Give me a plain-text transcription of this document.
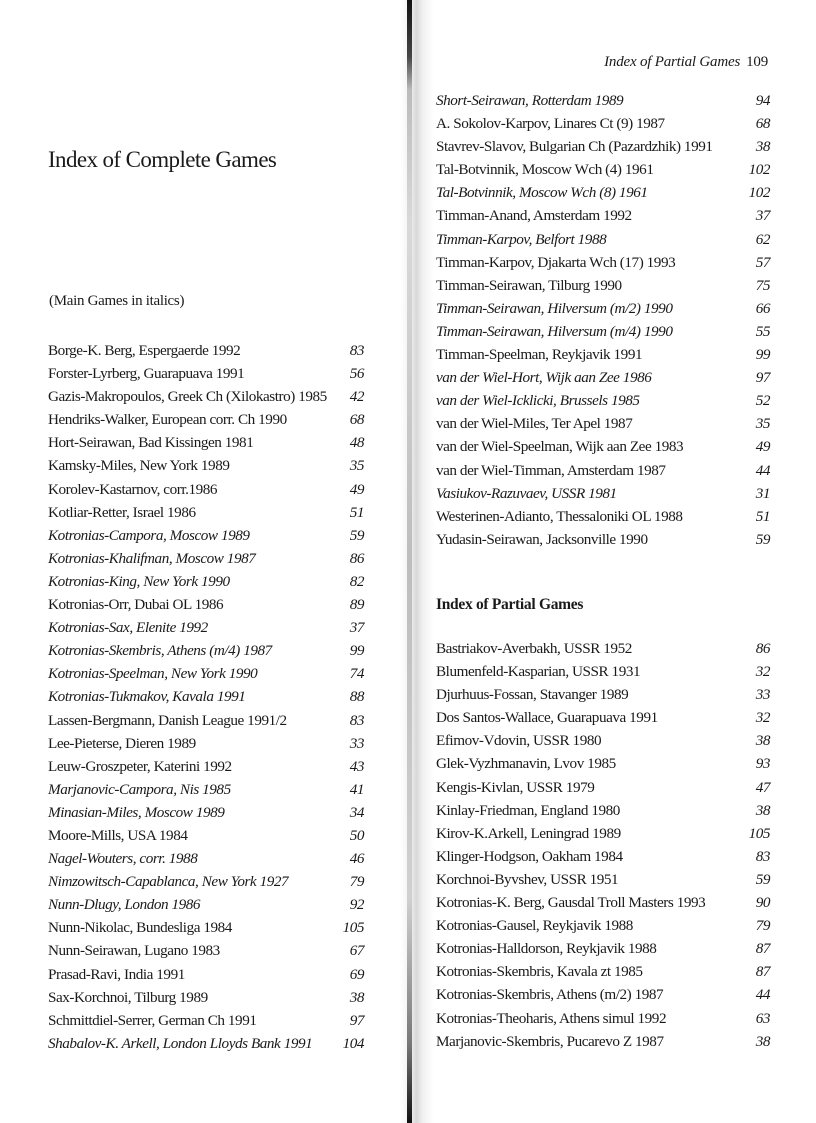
Index of Partial Games 109
Index of Complete Games
(Main Games in italics)
Borge-K. Berg, Espergaerde 1992	83
Forster-Lyrberg, Guarapuava 1991	56
Gazis-Makropoulos, Greek Ch (Xilokastro) 1985	42
Hendriks-Walker, European corr. Ch 1990	68
Hort-Seirawan, Bad Kissingen 1981	48
Kamsky-Miles, New York 1989	35
Korolev-Kastarnov, corr.1986	49
Kotliar-Retter, Israel 1986	51
Kotronias-Campora, Moscow 1989	59
Kotronias-Khalifman, Moscow 1987	86
Kotronias-King, New York 1990	82
Kotronias-Orr, Dubai OL 1986	89
Kotronias-Sax, Elenite 1992	37
Kotronias-Skembris, Athens (m/4) 1987	99
Kotronias-Speelman, New York 1990	74
Kotronias-Tukmakov, Kavala 1991	88
Lassen-Bergmann, Danish League 1991/2	83
Lee-Pieterse, Dieren 1989	33
Leuw-Groszpeter, Katerini 1992	43
Marjanovic-Campora, Nis 1985	41
Minasian-Miles, Moscow 1989	34
Moore-Mills, USA 1984	50
Nagel-Wouters, corr. 1988	46
Nimzowitsch-Capablanca, New York 1927	79
Nunn-Dlugy, London 1986	92
Nunn-Nikolac, Bundesliga 1984	105
Nunn-Seirawan, Lugano 1983	67
Prasad-Ravi, India 1991	69
Sax-Korchnoi, Tilburg 1989	38
Schmittdiel-Serrer, German Ch 1991	97
Shabalov-K. Arkell, London Lloyds Bank 1991	104
Short-Seirawan, Rotterdam 1989	94
A. Sokolov-Karpov, Linares Ct (9) 1987	68
Stavrev-Slavov, Bulgarian Ch (Pazardzhik) 1991	38
Tal-Botvinnik, Moscow Wch (4) 1961	102
Tal-Botvinnik, Moscow Wch (8) 1961	102
Timman-Anand, Amsterdam 1992	37
Timman-Karpov, Belfort 1988	62
Timman-Karpov, Djakarta Wch (17) 1993	57
Timman-Seirawan, Tilburg 1990	75
Timman-Seirawan, Hilversum (m/2) 1990	66
Timman-Seirawan, Hilversum (m/4) 1990	55
Timman-Speelman, Reykjavik 1991	99
van der Wiel-Hort, Wijk aan Zee 1986	97
van der Wiel-Icklicki, Brussels 1985	52
van der Wiel-Miles, Ter Apel 1987	35
van der Wiel-Speelman, Wijk aan Zee 1983	49
van der Wiel-Timman, Amsterdam 1987	44
Vasiukov-Razuvaev, USSR 1981	31
Westerinen-Adianto, Thessaloniki OL 1988	51
Yudasin-Seirawan, Jacksonville 1990	59
Index of Partial Games
Bastriakov-Averbakh, USSR 1952	86
Blumenfeld-Kasparian, USSR 1931	32
Djurhuus-Fossan, Stavanger 1989	33
Dos Santos-Wallace, Guarapuava 1991	32
Efimov-Vdovin, USSR 1980	38
Glek-Vyzhmanavin, Lvov 1985	93
Kengis-Kivlan, USSR 1979	47
Kinlay-Friedman, England 1980	38
Kirov-K.Arkell, Leningrad 1989	105
Klinger-Hodgson, Oakham 1984	83
Korchnoi-Byvshev, USSR 1951	59
Kotronias-K. Berg, Gausdal Troll Masters 1993	90
Kotronias-Gausel, Reykjavik 1988	79
Kotronias-Halldorson, Reykjavik 1988	87
Kotronias-Skembris, Kavala zt 1985	87
Kotronias-Skembris, Athens (m/2) 1987	44
Kotronias-Theoharis, Athens simul 1992	63
Marjanovic-Skembris, Pucarevo Z 1987	38
